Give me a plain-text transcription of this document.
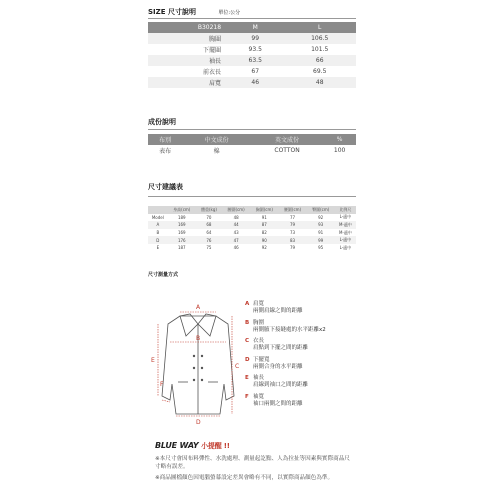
SIZE 尺寸說明	單位:公分
B30218	M	L
胸圍	99	106.5
下擺圍	93.5	101.5
袖長	63.5	66
前衣長	67	69.5
肩寬	46	48
成份說明
布別	中文成份	英文成份	%
表布	棉	COTTON	100
尺寸建議表
	身高(cm)	體重(kg)	腰圍(cm)	胸圍(cm)	腰圍(cm)	臀圍(cm)	比例尺
Model	189	70	48	91	77	92	L-適中
A	169	68	44	87	79	93	M-適中
B	169	64	43	82	73	91	M-適中
D	176	76	47	90	83	99	L-適中
E	187	75	46	92	79	95	L-適中
尺寸測量方式
A
B
C
D
E
F
A 肩寬
兩側肩線之間的距離
B 胸圍
兩側腋下接縫處的水平距離x2
C 衣長
肩點到下擺之間的距離
D 下擺寬
兩側合身的水平距離
E 袖長
肩線到袖口之間的距離
F 袖寬
袖口兩側之間的距離
BLUE WAY 小提醒 !!
※本尺寸會因布料彈性、水洗處理、測量起訖點、人為拉扯等因素與實際商品尺寸略有誤差。
※商品圖檔顏色因電腦螢幕設定差異會略有不同，以實際商品顏色為準。
